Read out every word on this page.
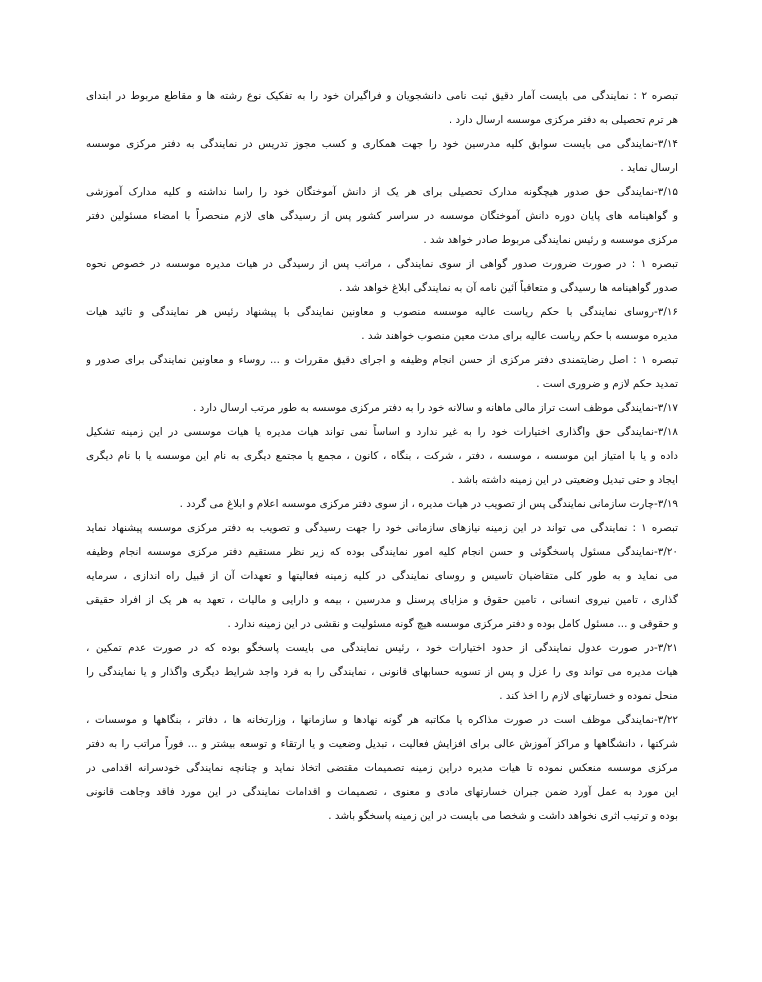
تبصره ۲ : نمایندگی می بایست آمار دقیق ثبت نامی دانشجویان و فراگیران خود را به تفکیک نوع رشته ها و مقاطع مربوط در ابتدای
هر ترم تحصیلی به دفتر مرکزی موسسه ارسال دارد .
۳/۱۴-نمایندگی می بایست سوابق کلیه مدرسین خود را جهت همکاری و کسب مجوز تدریس در نمایندگی به دفتر مرکزی موسسه
ارسال نماید .
۳/۱۵-نمایندگی حق صدور هیچگونه مدارک تحصیلی برای هر یک از دانش آموختگان خود را راسا نداشته و کلیه مدارک آموزشی
و گواهینامه های پایان دوره دانش آموختگان موسسه در سراسر کشور پس از رسیدگی های لازم منحصراً با امضاء مسئولین دفتر
مرکزی موسسه و رئیس نمایندگی مربوط صادر خواهد شد .
تبصره ۱ : در صورت ضرورت صدور گواهی از سوی نمایندگی ، مراتب پس از رسیدگی در هیات مدیره موسسه در خصوص نحوه
صدور گواهینامه ها رسیدگی و متعاقباً آئین نامه آن به نمایندگی ابلاغ خواهد شد .
۳/۱۶-روسای نمایندگی با حکم ریاست عالیه موسسه منصوب و معاونین نمایندگی با پیشنهاد رئیس هر نمایندگی و تائید هیات
مدیره موسسه با حکم ریاست عالیه برای مدت معین منصوب خواهند شد .
تبصره ۱ : اصل رضایتمندی دفتر مرکزی از حسن انجام وظیفه و اجرای دقیق مقررات و ... روساء و معاونین نمایندگی برای صدور و
تمدید حکم لازم و ضروری است .
۳/۱۷-نمایندگی موظف است تراز مالی ماهانه و سالانه خود را به دفتر مرکزی موسسه به طور مرتب ارسال دارد .
۳/۱۸-نمایندگی حق واگذاری اختیارات خود را به غیر ندارد و اساساً نمی تواند هیات مدیره یا هیات موسسی در این زمینه تشکیل
داده و یا با امتیاز این موسسه ، موسسه ، دفتر ، شرکت ، بنگاه ، کانون ، مجمع یا مجتمع دیگری به نام این موسسه یا با نام دیگری
ایجاد و حتی تبدیل وضعیتی در این زمینه داشته باشد .
۳/۱۹-چارت سازمانی نمایندگی پس از تصویب در هیات مدیره ، از سوی دفتر مرکزی موسسه اعلام و ابلاغ می گردد .
تبصره ۱ : نمایندگی می تواند در این زمینه نیازهای سازمانی خود را جهت رسیدگی و تصویب به دفتر مرکزی موسسه پیشنهاد نماید
۳/۲۰-نمایندگی مسئول پاسخگوئی و حسن انجام کلیه امور نمایندگی بوده که زیر نظر مستقیم دفتر مرکزی موسسه انجام وظیفه
می نماید و به طور کلی متقاضیان تاسیس و روسای نمایندگی در کلیه زمینه فعالیتها و تعهدات آن از قبیل راه اندازی ، سرمایه
گذاری ، تامین نیروی انسانی ، تامین حقوق و مزایای پرسنل و مدرسین ، بیمه و دارایی و مالیات ، تعهد به هر یک از افراد حقیقی
و حقوقی و ... مسئول کامل بوده و دفتر مرکزی موسسه هیچ گونه مسئولیت و نقشی در این زمینه ندارد .
۳/۲۱-در صورت عدول نمایندگی از حدود اختیارات خود ، رئیس نمایندگی می بایست پاسخگو بوده که در صورت عدم تمکین ،
هیات مدیره می تواند وی را عزل و پس از تسویه حسابهای قانونی ، نمایندگی را به فرد واجد شرایط دیگری واگذار و یا نمایندگی را
منحل نموده و خسارتهای لازم را اخذ کند .
۳/۲۲-نمایندگی موظف است در صورت مذاکره یا مکاتبه هر گونه نهادها و سازمانها ، وزارتخانه ها ، دفاتر ، بنگاهها و موسسات ،
شرکتها ، دانشگاهها و مراکز آموزش عالی برای افزایش فعالیت ، تبدیل وضعیت و یا ارتقاء و توسعه بیشتر و ... فوراً مراتب را به دفتر
مرکزی موسسه منعکس نموده تا هیات مدیره دراین زمینه تصمیمات مقتضی اتخاذ نماید و چنانچه نمایندگی خودسرانه اقدامی در
این مورد به عمل آورد ضمن جبران خسارتهای مادی و معنوی ، تصمیمات و اقدامات نمایندگی در این مورد فاقد وجاهت قانونی
بوده و ترتیب اثری نخواهد داشت و شخصا می بایست در این زمینه پاسخگو باشد .
